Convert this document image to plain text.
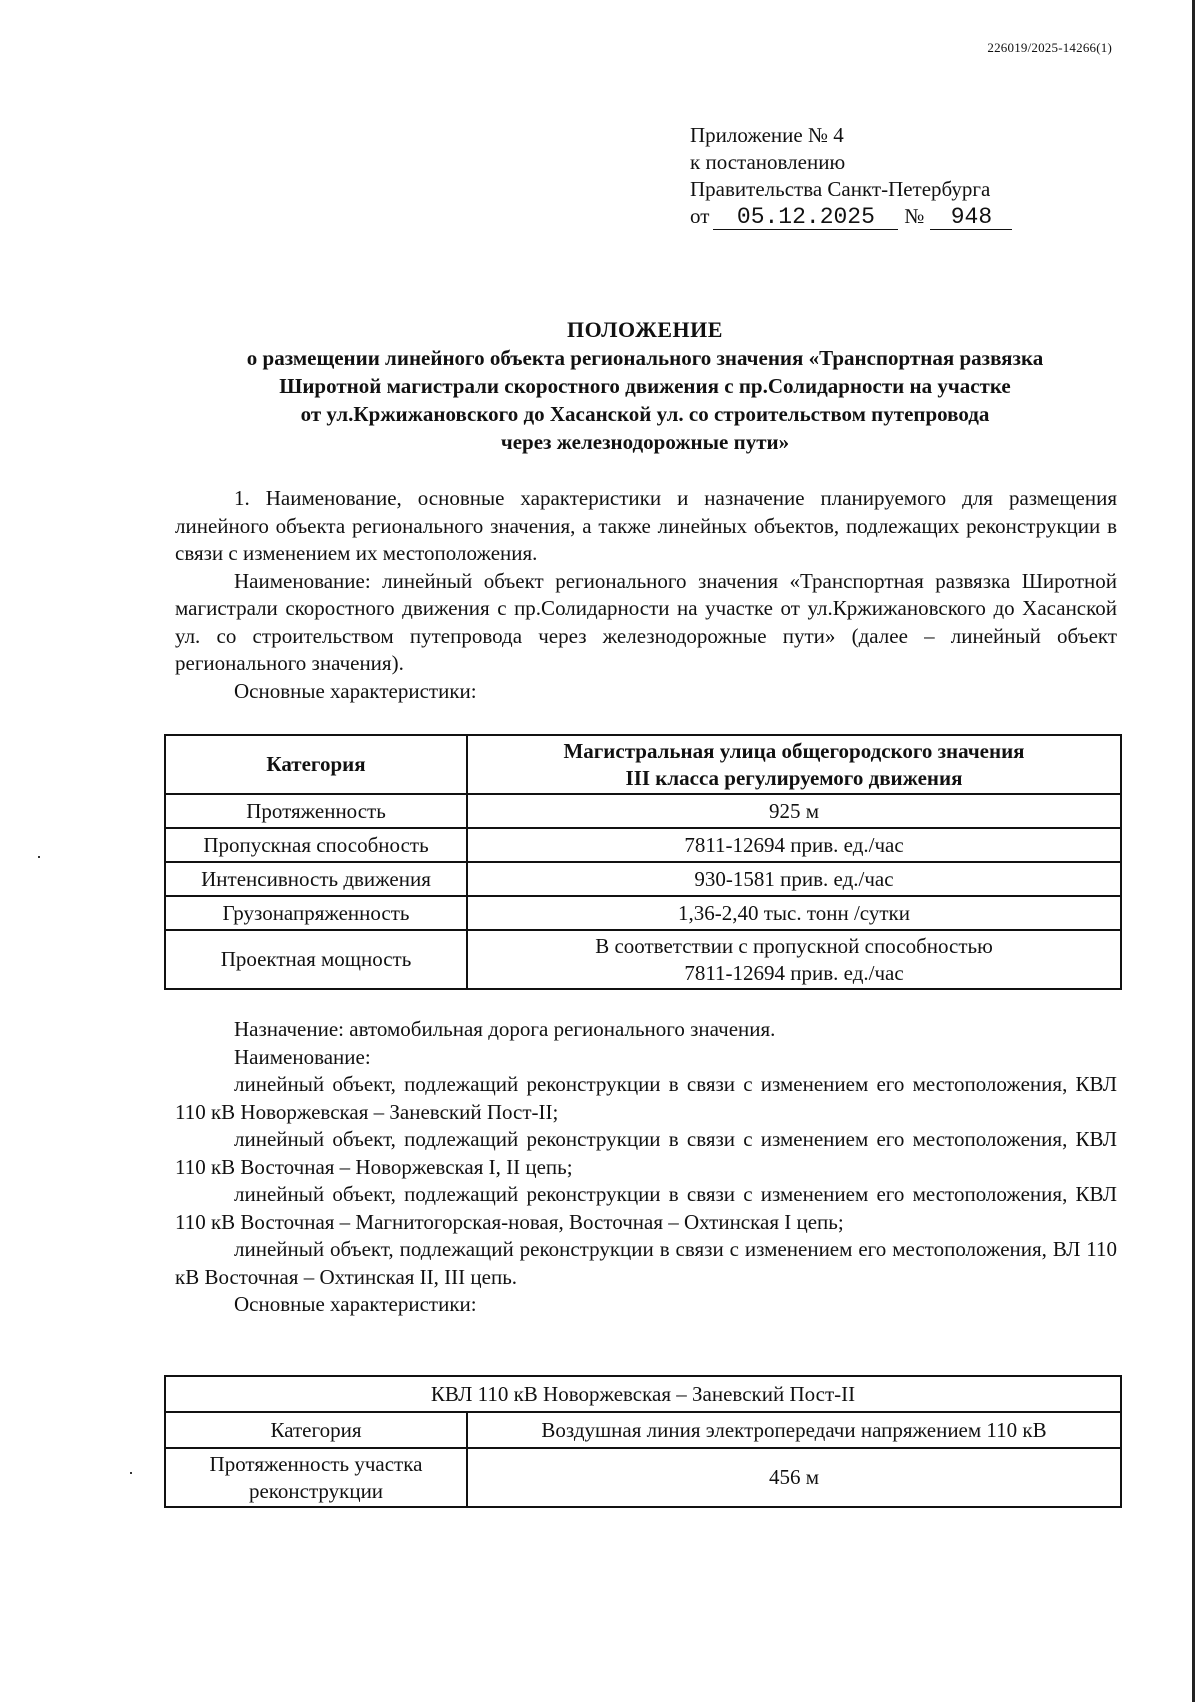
226019/2025-14266(1)
Приложение № 4
к постановлению
Правительства Санкт-Петербурга
от 05.12.2025 № 948
ПОЛОЖЕНИЕ
о размещении линейного объекта регионального значения «Транспортная развязка
Широтной магистрали скоростного движения с пр.Солидарности на участке
от ул.Кржижановского до Хасанской ул. со строительством путепровода
через железнодорожные пути»

1. Наименование, основные характеристики и назначение планируемого для размещения линейного объекта регионального значения, а также линейных объектов, подлежащих реконструкции в связи с изменением их местоположения.

Наименование: линейный объект регионального значения «Транспортная развязка Широтной магистрали скоростного движения с пр.Солидарности на участке от ул.Кржижановского до Хасанской ул. со строительством путепровода через железнодорожные пути» (далее – линейный объект регионального значения).

Основные характеристики:

Категория	Магистральная улица общегородского значения
III класса регулируемого движения

Протяженность	925 м
Пропускная способность	7811-12694 прив. ед./час
Интенсивность движения	930-1581 прив. ед./час
Грузонапряженность	1,36-2,40 тыс. тонн /сутки
Проектная мощность	В соответствии с пропускной способностью
7811-12694 прив. ед./час

Назначение: автомобильная дорога регионального значения.

Наименование:

линейный объект, подлежащий реконструкции в связи с изменением его местоположения, КВЛ 110 кВ Новоржевская – Заневский Пост-II;

линейный объект, подлежащий реконструкции в связи с изменением его местоположения, КВЛ 110 кВ Восточная – Новоржевская I, II цепь;

линейный объект, подлежащий реконструкции в связи с изменением его местоположения, КВЛ 110 кВ Восточная – Магнитогорская-новая, Восточная – Охтинская I цепь;

линейный объект, подлежащий реконструкции в связи с изменением его местоположения, ВЛ 110 кВ Восточная – Охтинская II, III цепь.

Основные характеристики:

КВЛ 110 кВ Новоржевская – Заневский Пост-II	
Категория	Воздушная линия электропередачи напряжением 110 кВ

Протяженность участка
реконструкции	456 м
